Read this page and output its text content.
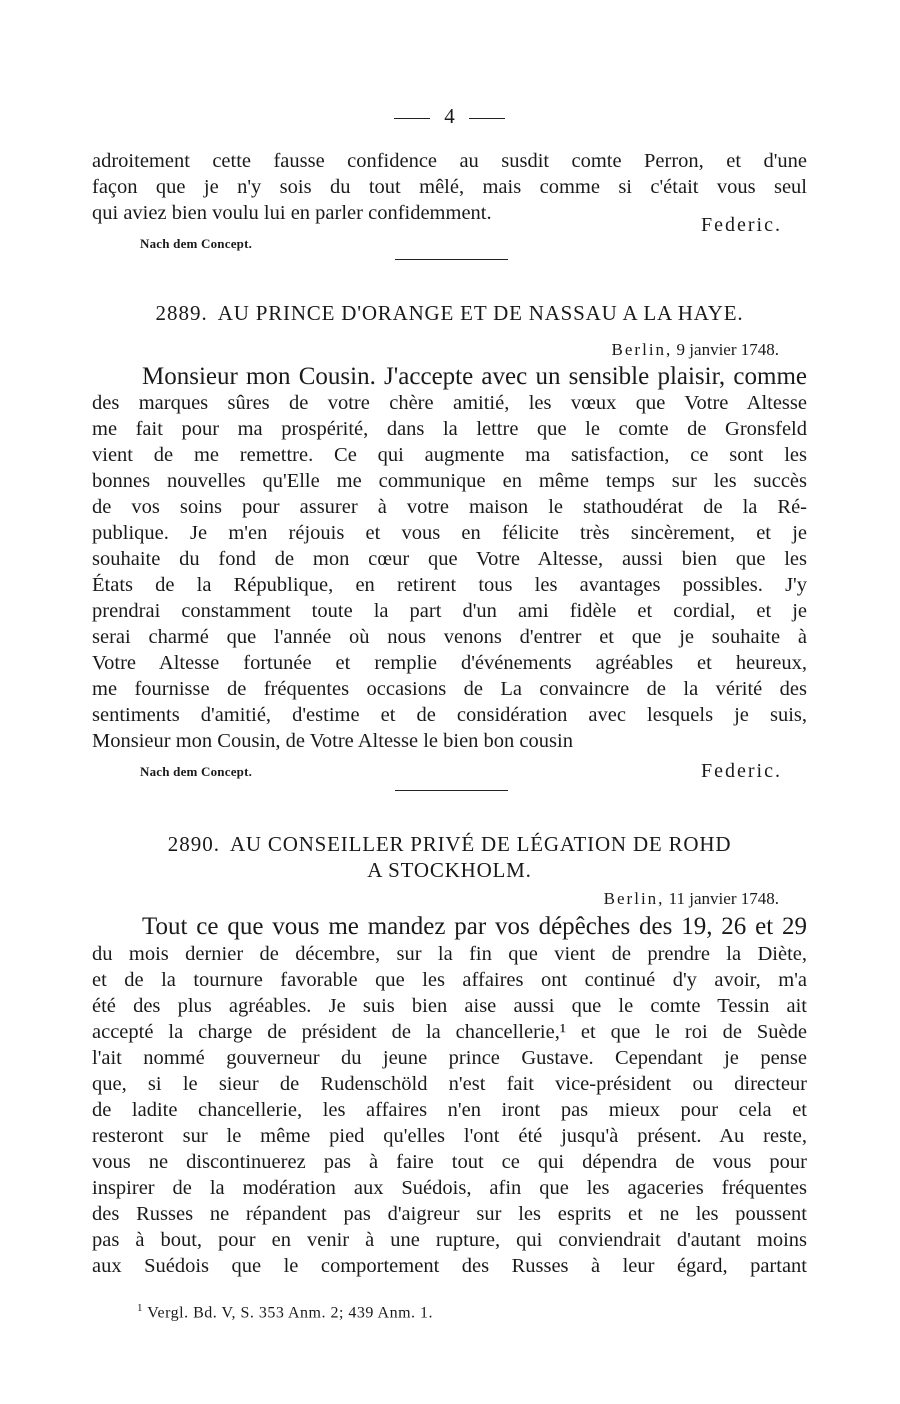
4
adroitement cette fausse confidence au susdit comte Perron, et d'une
façon que je n'y sois du tout mêlé, mais comme si c'était vous seul
qui aviez bien voulu lui en parler confidemment.
Federic.
Nach dem Concept.
2889. AU PRINCE D'ORANGE ET DE NASSAU A LA HAYE.
Berlin, 9 janvier 1748.
Monsieur mon Cousin. J'accepte avec un sensible plaisir, comme
des marques sûres de votre chère amitié, les vœux que Votre Altesse
me fait pour ma prospérité, dans la lettre que le comte de Gronsfeld
vient de me remettre. Ce qui augmente ma satisfaction, ce sont les
bonnes nouvelles qu'Elle me communique en même temps sur les succès
de vos soins pour assurer à votre maison le stathoudérat de la Ré-
publique. Je m'en réjouis et vous en félicite très sincèrement, et je
souhaite du fond de mon cœur que Votre Altesse, aussi bien que les
États de la République, en retirent tous les avantages possibles. J'y
prendrai constamment toute la part d'un ami fidèle et cordial, et je
serai charmé que l'année où nous venons d'entrer et que je souhaite à
Votre Altesse fortunée et remplie d'événements agréables et heureux,
me fournisse de fréquentes occasions de La convaincre de la vérité des
sentiments d'amitié, d'estime et de considération avec lesquels je suis,
Monsieur mon Cousin, de Votre Altesse le bien bon cousin
Nach dem Concept.	Federic.
2890. AU CONSEILLER PRIVÉ DE LÉGATION DE ROHD
A STOCKHOLM.
Berlin, 11 janvier 1748.
Tout ce que vous me mandez par vos dépêches des 19, 26 et 29
du mois dernier de décembre, sur la fin que vient de prendre la Diète,
et de la tournure favorable que les affaires ont continué d'y avoir, m'a
été des plus agréables. Je suis bien aise aussi que le comte Tessin ait
accepté la charge de président de la chancellerie,¹ et que le roi de Suède
l'ait nommé gouverneur du jeune prince Gustave. Cependant je pense
que, si le sieur de Rudenschöld n'est fait vice-président ou directeur
de ladite chancellerie, les affaires n'en iront pas mieux pour cela et
resteront sur le même pied qu'elles l'ont été jusqu'à présent. Au reste,
vous ne discontinuerez pas à faire tout ce qui dépendra de vous pour
inspirer de la modération aux Suédois, afin que les agaceries fréquentes
des Russes ne répandent pas d'aigreur sur les esprits et ne les poussent
pas à bout, pour en venir à une rupture, qui conviendrait d'autant moins
aux Suédois que le comportement des Russes à leur égard, partant
$^1$ Vergl. Bd. V, S. 353 Anm. 2; 439 Anm. 1.
